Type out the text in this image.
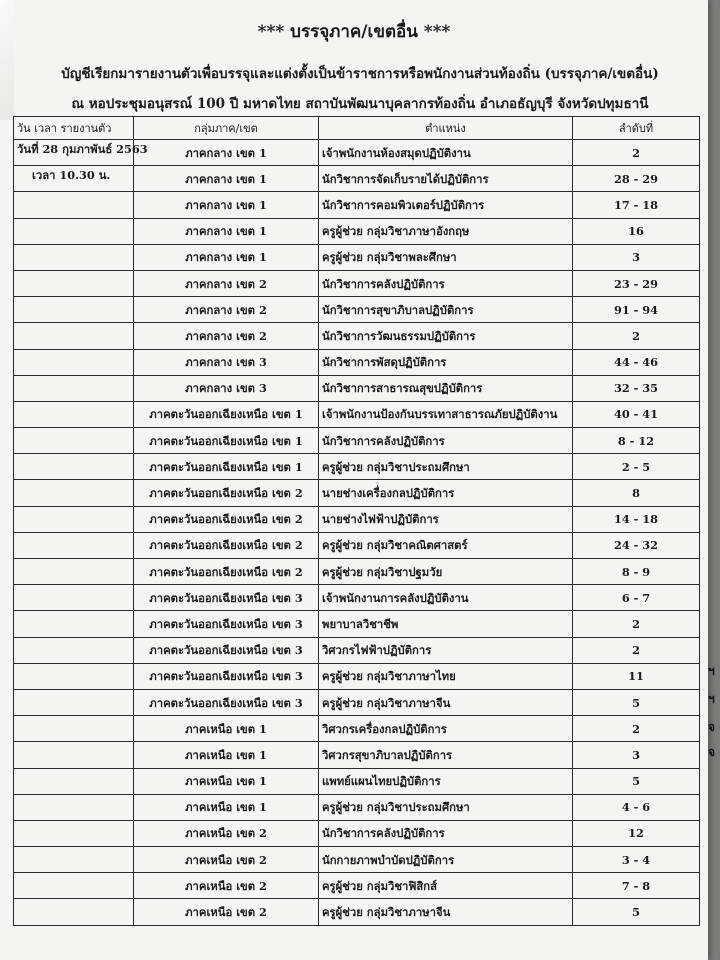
*** บรรจุภาค/เขตอื่น ***
บัญชีเรียกมารายงานตัวเพื่อบรรจุและแต่งตั้งเป็นข้าราชการหรือพนักงานส่วนท้องถิ่น (บรรจุภาค/เขตอื่น)
ณ หอประชุมอนุสรณ์ 100 ปี มหาดไทย สถาบันพัฒนาบุคลากรท้องถิ่น อำเภอธัญบุรี จังหวัดปทุมธานี
วัน เวลา รายงานตัว	กลุ่มภาค/เขต	ตำแหน่ง	ลำดับที่
วันที่ 28 กุมภาพันธ์ 2563	ภาคกลาง เขต 1	เจ้าพนักงานห้องสมุดปฏิบัติงาน	2
เวลา 10.30 น.	ภาคกลาง เขต 1	นักวิชาการจัดเก็บรายได้ปฏิบัติการ	28 - 29
	ภาคกลาง เขต 1	นักวิชาการคอมพิวเตอร์ปฏิบัติการ	17 - 18
	ภาคกลาง เขต 1	ครูผู้ช่วย กลุ่มวิชาภาษาอังกฤษ	16
	ภาคกลาง เขต 1	ครูผู้ช่วย กลุ่มวิชาพละศึกษา	3
	ภาคกลาง เขต 2	นักวิชาการคลังปฏิบัติการ	23 - 29
	ภาคกลาง เขต 2	นักวิชาการสุขาภิบาลปฏิบัติการ	91 - 94
	ภาคกลาง เขต 2	นักวิชาการวัฒนธรรมปฏิบัติการ	2
	ภาคกลาง เขต 3	นักวิชาการพัสดุปฏิบัติการ	44 - 46
	ภาคกลาง เขต 3	นักวิชาการสาธารณสุขปฏิบัติการ	32 - 35
	ภาคตะวันออกเฉียงเหนือ เขต 1	เจ้าพนักงานป้องกันบรรเทาสาธารณภัยปฏิบัติงาน	40 - 41
	ภาคตะวันออกเฉียงเหนือ เขต 1	นักวิชาการคลังปฏิบัติการ	8 - 12
	ภาคตะวันออกเฉียงเหนือ เขต 1	ครูผู้ช่วย กลุ่มวิชาประถมศึกษา	2 - 5
	ภาคตะวันออกเฉียงเหนือ เขต 2	นายช่างเครื่องกลปฏิบัติการ	8
	ภาคตะวันออกเฉียงเหนือ เขต 2	นายช่างไฟฟ้าปฏิบัติการ	14 - 18
	ภาคตะวันออกเฉียงเหนือ เขต 2	ครูผู้ช่วย กลุ่มวิชาคณิตศาสตร์	24 - 32
	ภาคตะวันออกเฉียงเหนือ เขต 2	ครูผู้ช่วย กลุ่มวิชาปฐมวัย	8 - 9
	ภาคตะวันออกเฉียงเหนือ เขต 3	เจ้าพนักงานการคลังปฏิบัติงาน	6 - 7
	ภาคตะวันออกเฉียงเหนือ เขต 3	พยาบาลวิชาชีพ	2
	ภาคตะวันออกเฉียงเหนือ เขต 3	วิศวกรไฟฟ้าปฏิบัติการ	2
	ภาคตะวันออกเฉียงเหนือ เขต 3	ครูผู้ช่วย กลุ่มวิชาภาษาไทย	11
	ภาคตะวันออกเฉียงเหนือ เขต 3	ครูผู้ช่วย กลุ่มวิชาภาษาจีน	5
	ภาคเหนือ เขต 1	วิศวกรเครื่องกลปฏิบัติการ	2
	ภาคเหนือ เขต 1	วิศวกรสุขาภิบาลปฏิบัติการ	3
	ภาคเหนือ เขต 1	แพทย์แผนไทยปฏิบัติการ	5
	ภาคเหนือ เขต 1	ครูผู้ช่วย กลุ่มวิชาประถมศึกษา	4 - 6
	ภาคเหนือ เขต 2	นักวิชาการคลังปฏิบัติการ	12
	ภาคเหนือ เขต 2	นักกายภาพบำบัดปฏิบัติการ	3 - 4
	ภาคเหนือ เขต 2	ครูผู้ช่วย กลุ่มวิชาฟิสิกส์	7 - 8
	ภาคเหนือ เขต 2	ครูผู้ช่วย กลุ่มวิชาภาษาจีน	5
ฯ
ฯ
จ
จ
